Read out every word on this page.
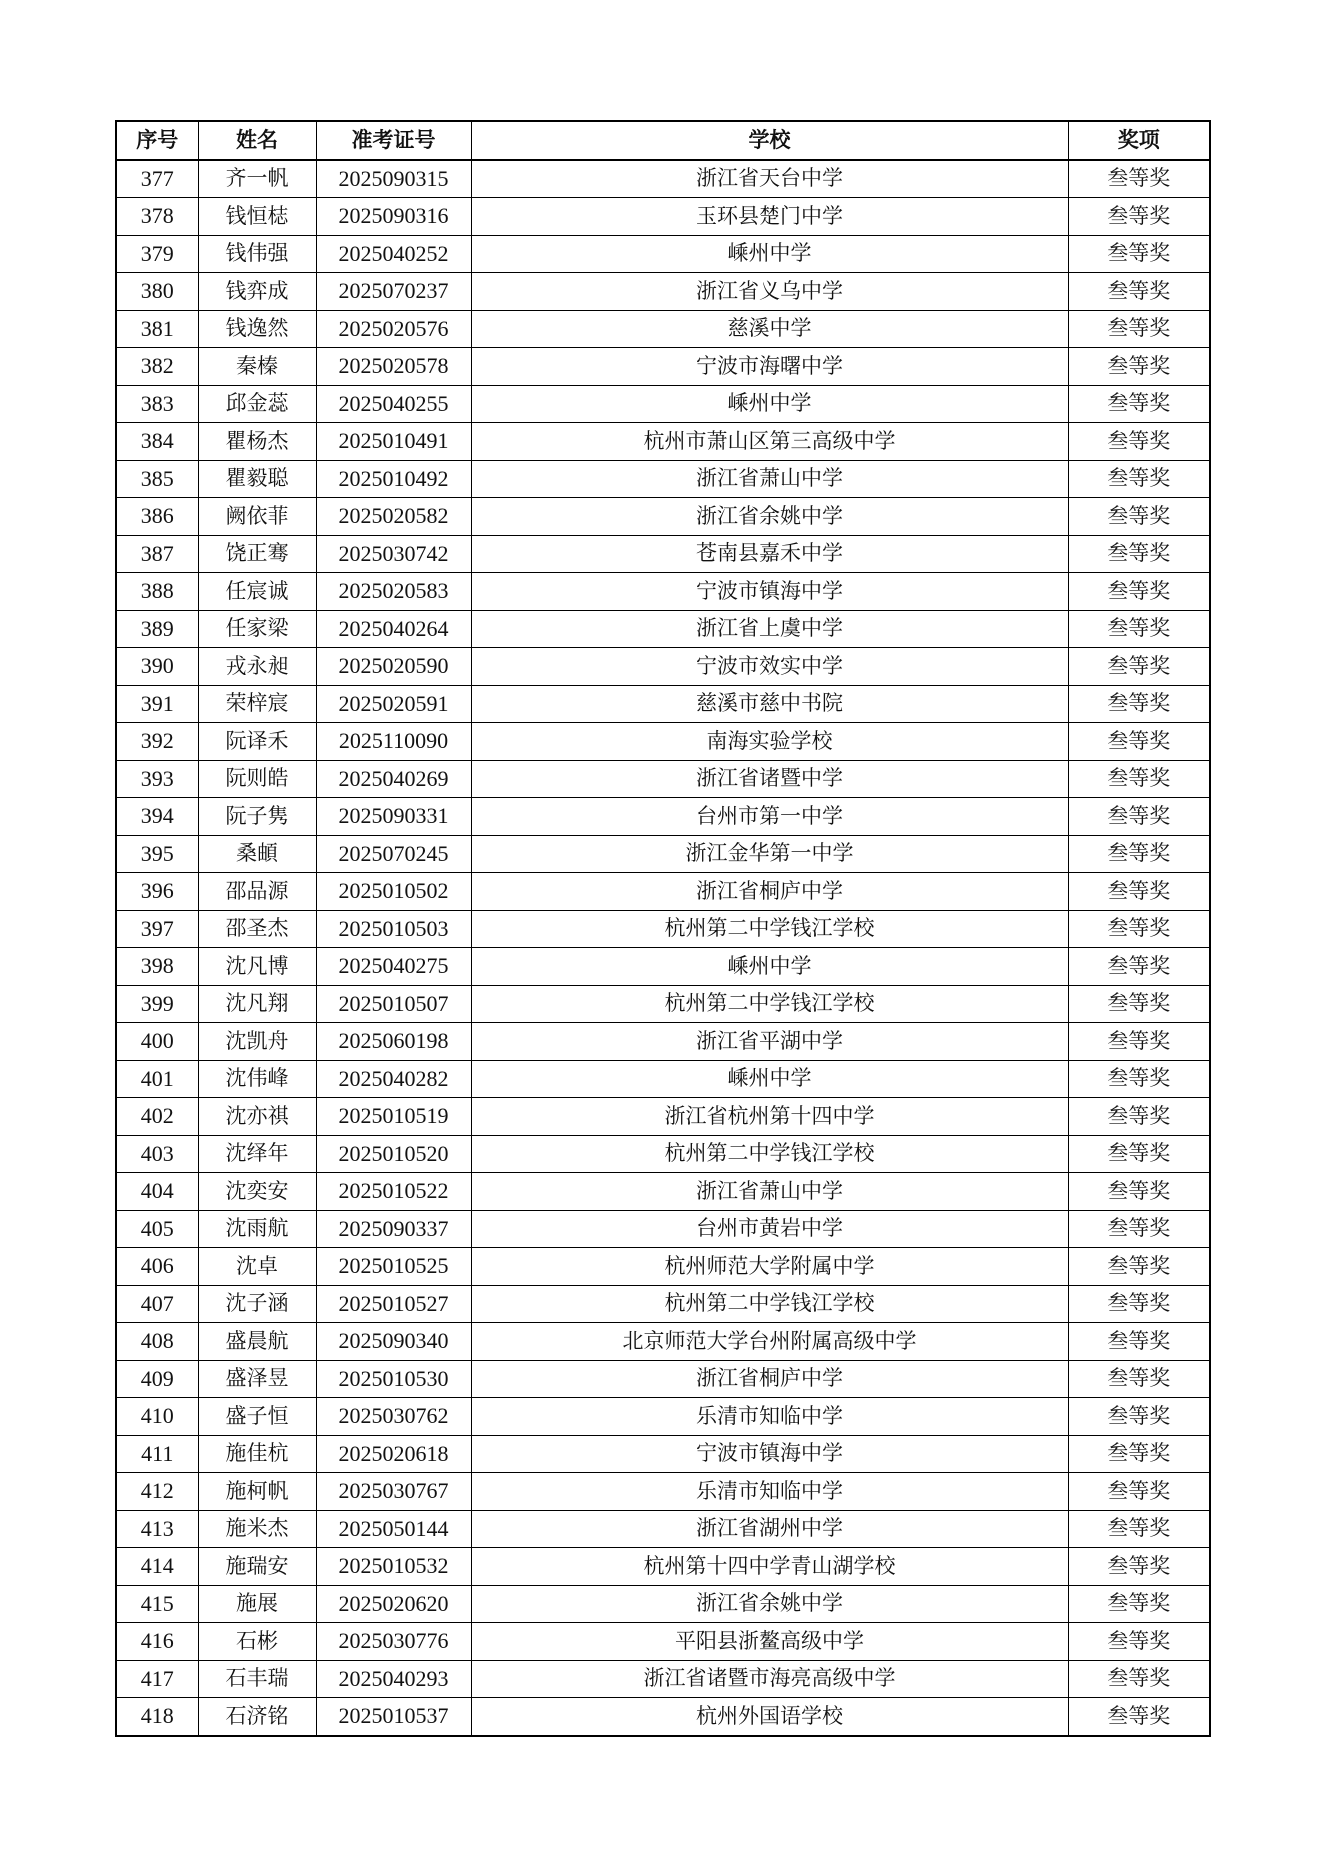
序号	姓名	准考证号	学校	奖项
377	齐一帆	2025090315	浙江省天台中学	叁等奖
378	钱恒梽	2025090316	玉环县楚门中学	叁等奖
379	钱伟强	2025040252	嵊州中学	叁等奖
380	钱弈成	2025070237	浙江省义乌中学	叁等奖
381	钱逸然	2025020576	慈溪中学	叁等奖
382	秦榛	2025020578	宁波市海曙中学	叁等奖
383	邱金蕊	2025040255	嵊州中学	叁等奖
384	瞿杨杰	2025010491	杭州市萧山区第三高级中学	叁等奖
385	瞿毅聪	2025010492	浙江省萧山中学	叁等奖
386	阙依菲	2025020582	浙江省余姚中学	叁等奖
387	饶正骞	2025030742	苍南县嘉禾中学	叁等奖
388	任宸诚	2025020583	宁波市镇海中学	叁等奖
389	任家梁	2025040264	浙江省上虞中学	叁等奖
390	戎永昶	2025020590	宁波市效实中学	叁等奖
391	荣梓宸	2025020591	慈溪市慈中书院	叁等奖
392	阮译禾	2025110090	南海实验学校	叁等奖
393	阮则皓	2025040269	浙江省诸暨中学	叁等奖
394	阮子隽	2025090331	台州市第一中学	叁等奖
395	桑頔	2025070245	浙江金华第一中学	叁等奖
396	邵品源	2025010502	浙江省桐庐中学	叁等奖
397	邵圣杰	2025010503	杭州第二中学钱江学校	叁等奖
398	沈凡博	2025040275	嵊州中学	叁等奖
399	沈凡翔	2025010507	杭州第二中学钱江学校	叁等奖
400	沈凯舟	2025060198	浙江省平湖中学	叁等奖
401	沈伟峰	2025040282	嵊州中学	叁等奖
402	沈亦祺	2025010519	浙江省杭州第十四中学	叁等奖
403	沈绎年	2025010520	杭州第二中学钱江学校	叁等奖
404	沈奕安	2025010522	浙江省萧山中学	叁等奖
405	沈雨航	2025090337	台州市黄岩中学	叁等奖
406	沈卓	2025010525	杭州师范大学附属中学	叁等奖
407	沈子涵	2025010527	杭州第二中学钱江学校	叁等奖
408	盛晨航	2025090340	北京师范大学台州附属高级中学	叁等奖
409	盛泽昱	2025010530	浙江省桐庐中学	叁等奖
410	盛子恒	2025030762	乐清市知临中学	叁等奖
411	施佳杭	2025020618	宁波市镇海中学	叁等奖
412	施柯帆	2025030767	乐清市知临中学	叁等奖
413	施米杰	2025050144	浙江省湖州中学	叁等奖
414	施瑞安	2025010532	杭州第十四中学青山湖学校	叁等奖
415	施展	2025020620	浙江省余姚中学	叁等奖
416	石彬	2025030776	平阳县浙鳌高级中学	叁等奖
417	石丰瑞	2025040293	浙江省诸暨市海亮高级中学	叁等奖
418	石济铭	2025010537	杭州外国语学校	叁等奖
